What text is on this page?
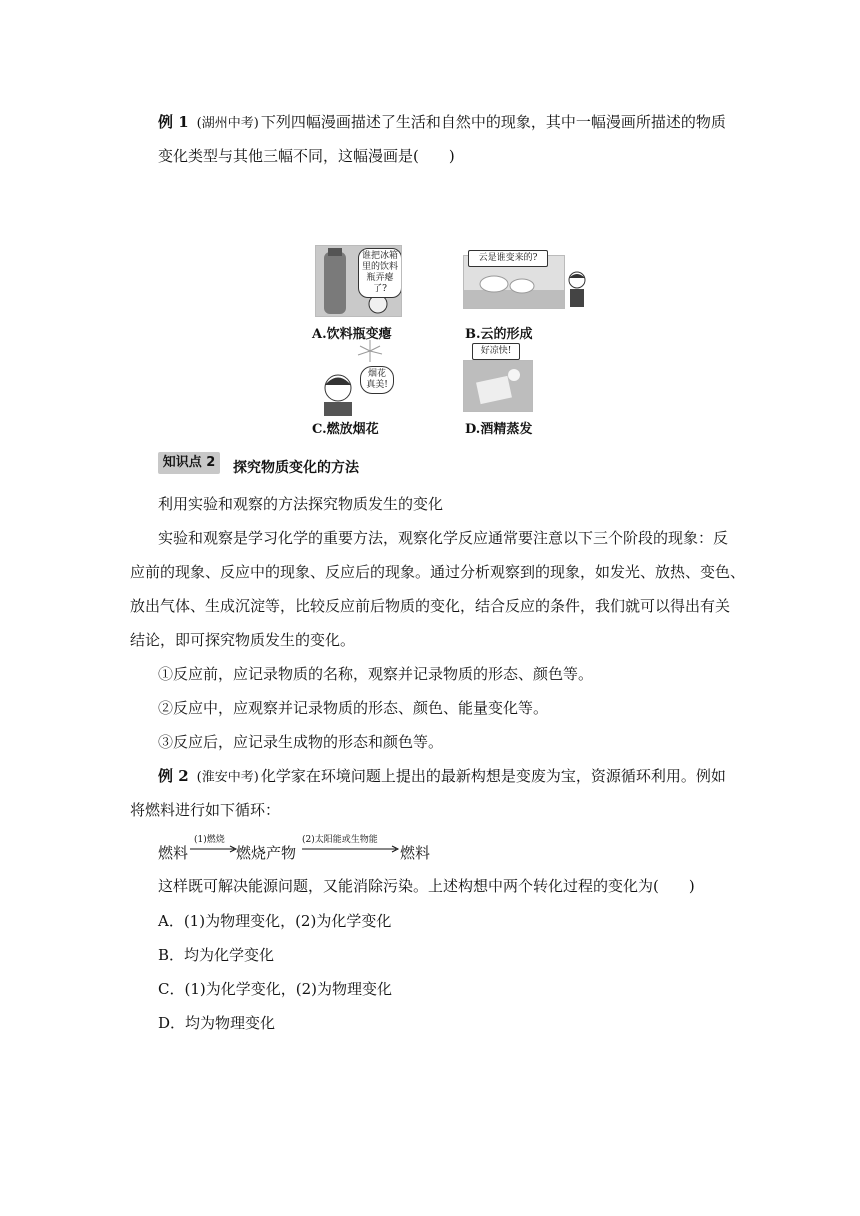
例 1 (湖州中考) 下列四幅漫画描述了生活和自然中的现象，其中一幅漫画所描述的物质
变化类型与其他三幅不同，这幅漫画是(　　)
谁把冰箱里的饮料瓶弄瘪了?
A.饮料瓶变瘪
云是谁变来的?
B.云的形成
烟花真美!
C.燃放烟花
好凉快!
D.酒精蒸发
知识点 2	探究物质变化的方法
利用实验和观察的方法探究物质发生的变化
实验和观察是学习化学的重要方法，观察化学反应通常要注意以下三个阶段的现象：反
应前的现象、反应中的现象、反应后的现象。通过分析观察到的现象，如发光、放热、变色、
放出气体、生成沉淀等，比较反应前后物质的变化，结合反应的条件，我们就可以得出有关
结论，即可探究物质发生的变化。
①反应前，应记录物质的名称，观察并记录物质的形态、颜色等。
②反应中，应观察并记录物质的形态、颜色、能量变化等。
③反应后，应记录生成物的形态和颜色等。
例 2 (淮安中考) 化学家在环境问题上提出的最新构想是变废为宝，资源循环利用。例如
将燃料进行如下循环：
燃料
(1)燃烧
燃烧产物
(2)太阳能或生物能
燃料
这样既可解决能源问题，又能消除污染。上述构想中两个转化过程的变化为(　　)
A．(1)为物理变化，(2)为化学变化
B．均为化学变化
C．(1)为化学变化，(2)为物理变化
D．均为物理变化
